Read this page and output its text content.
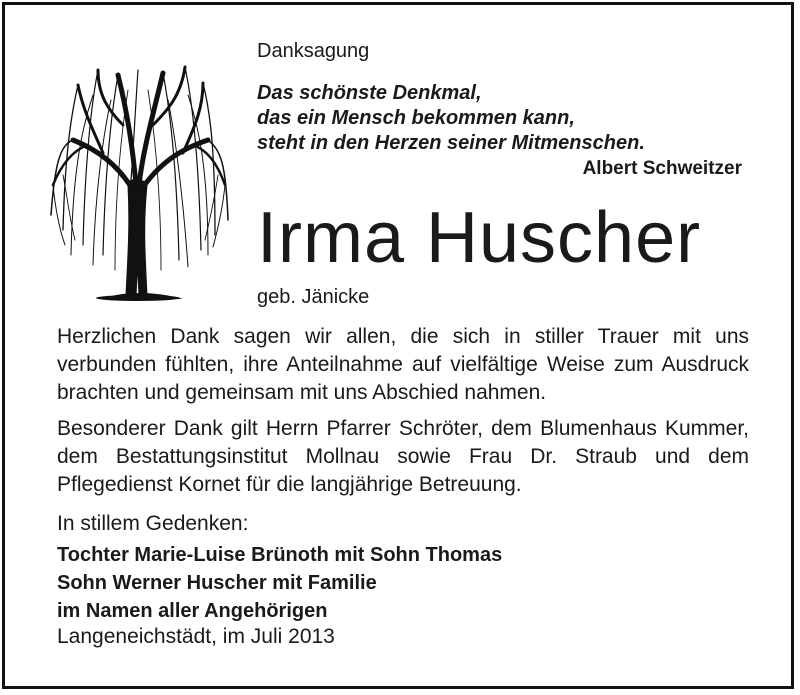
Danksagung
Das schönste Denkmal,
das ein Mensch bekommen kann,
steht in den Herzen seiner Mitmenschen.
Albert Schweitzer
Irma Huscher
geb. Jänicke
Herzlichen Dank sagen wir allen, die sich in stiller Trauer mit uns verbunden fühlten, ihre Anteilnahme auf vielfältige Weise zum Ausdruck brachten und gemeinsam mit uns Abschied nahmen.
Besonderer Dank gilt Herrn Pfarrer Schröter, dem Blumenhaus Kummer, dem Bestattungsinstitut Mollnau sowie Frau Dr. Straub und dem Pflegedienst Kornet für die langjährige Betreuung.
In stillem Gedenken:
Tochter Marie-Luise Brünoth mit Sohn Thomas
Sohn Werner Huscher mit Familie
im Namen aller Angehörigen
Langeneichstädt, im Juli 2013
